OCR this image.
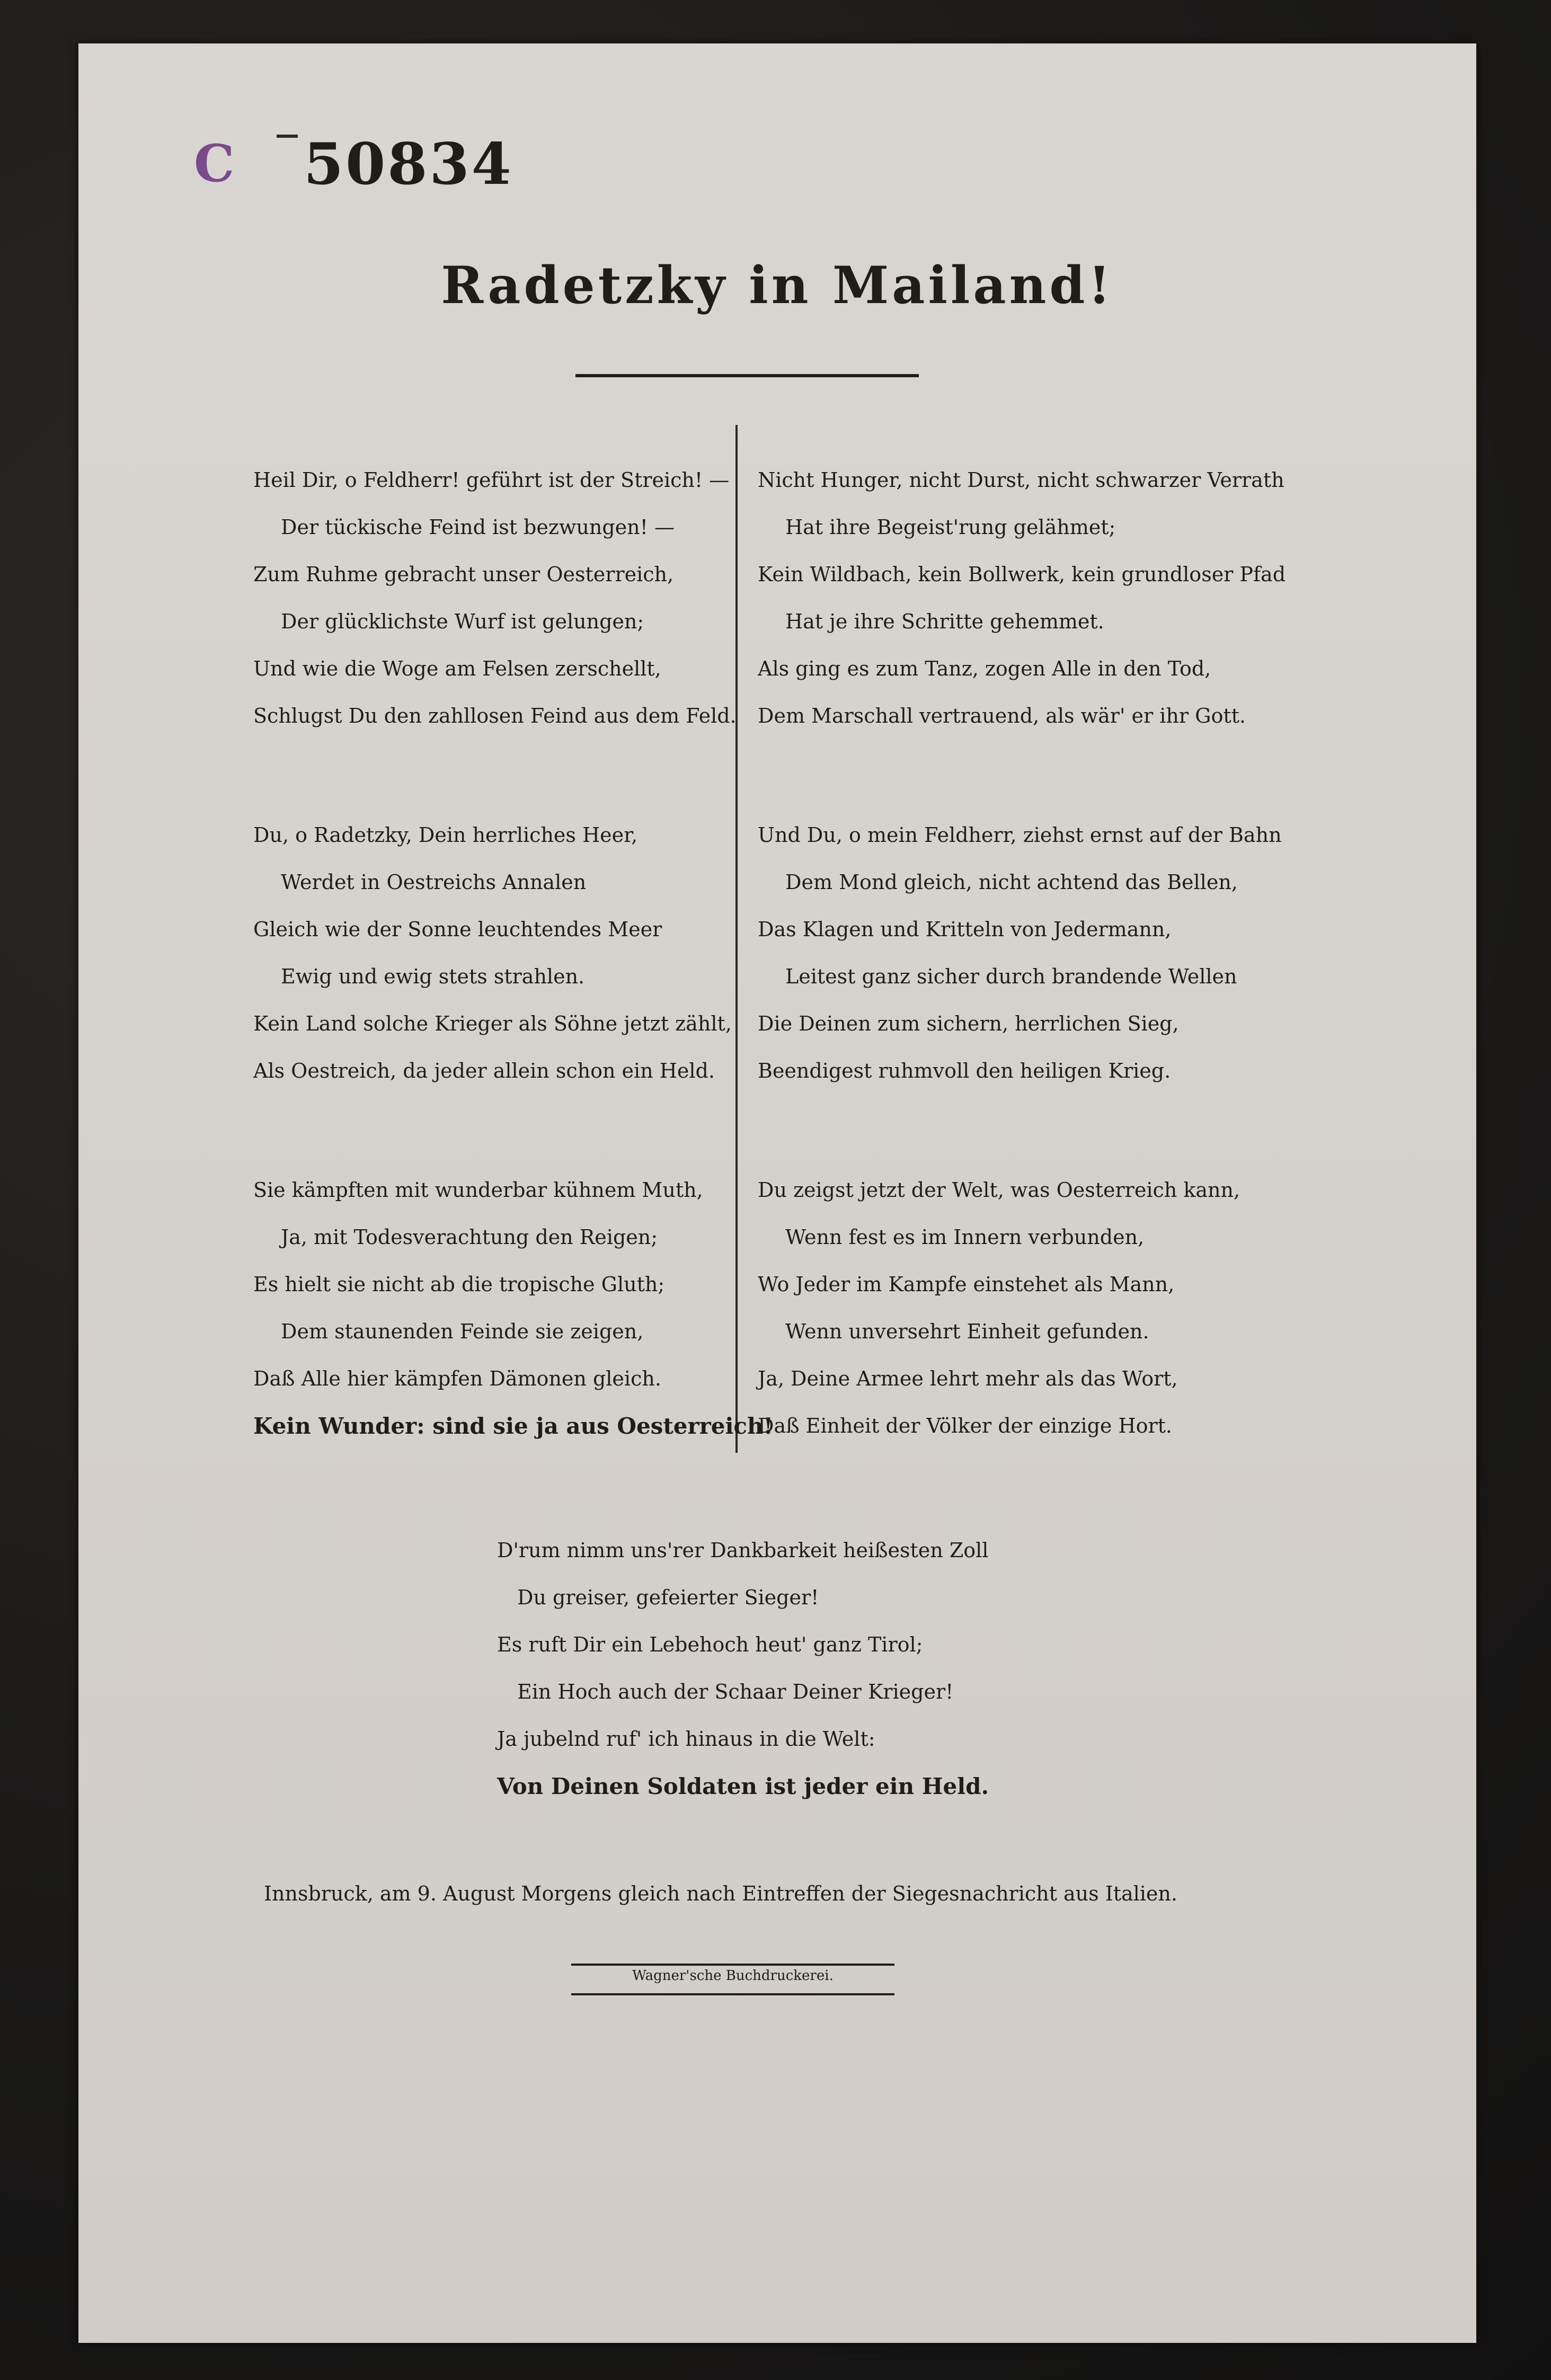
C 50834
Radetzky in Mailand!
Heil Dir, o Feldherr! geführt ist der Streich! —
Der tückische Feind ist bezwungen! —
Zum Ruhme gebracht unser Oesterreich,
Der glücklichste Wurf ist gelungen;
Und wie die Woge am Felsen zerschellt,
Schlugst Du den zahllosen Feind aus dem Feld.
Du, o Radetzky, Dein herrliches Heer,
Werdet in Oestreichs Annalen
Gleich wie der Sonne leuchtendes Meer
Ewig und ewig stets strahlen.
Kein Land solche Krieger als Söhne jetzt zählt,
Als Oestreich, da jeder allein schon ein Held.
Sie kämpften mit wunderbar kühnem Muth,
Ja, mit Todesverachtung den Reigen;
Es hielt sie nicht ab die tropische Gluth;
Dem staunenden Feinde sie zeigen,
Daß Alle hier kämpfen Dämonen gleich.
Kein Wunder: sind sie ja aus Oesterreich!
Nicht Hunger, nicht Durst, nicht schwarzer Verrath
Hat ihre Begeist'rung gelähmet;
Kein Wildbach, kein Bollwerk, kein grundloser Pfad
Hat je ihre Schritte gehemmet.
Als ging es zum Tanz, zogen Alle in den Tod,
Dem Marschall vertrauend, als wär' er ihr Gott.
Und Du, o mein Feldherr, ziehst ernst auf der Bahn
Dem Mond gleich, nicht achtend das Bellen,
Das Klagen und Kritteln von Jedermann,
Leitest ganz sicher durch brandende Wellen
Die Deinen zum sichern, herrlichen Sieg,
Beendigest ruhmvoll den heiligen Krieg.
Du zeigst jetzt der Welt, was Oesterreich kann,
Wenn fest es im Innern verbunden,
Wo Jeder im Kampfe einstehet als Mann,
Wenn unversehrt Einheit gefunden.
Ja, Deine Armee lehrt mehr als das Wort,
Daß Einheit der Völker der einzige Hort.
D'rum nimm uns'rer Dankbarkeit heißesten Zoll
Du greiser, gefeierter Sieger!
Es ruft Dir ein Lebehoch heut' ganz Tirol;
Ein Hoch auch der Schaar Deiner Krieger!
Ja jubelnd ruf' ich hinaus in die Welt:
Von Deinen Soldaten ist jeder ein Held.
Innsbruck, am 9. August Morgens gleich nach Eintreffen der Siegesnachricht aus Italien.
Wagner'sche Buchdruckerei.
